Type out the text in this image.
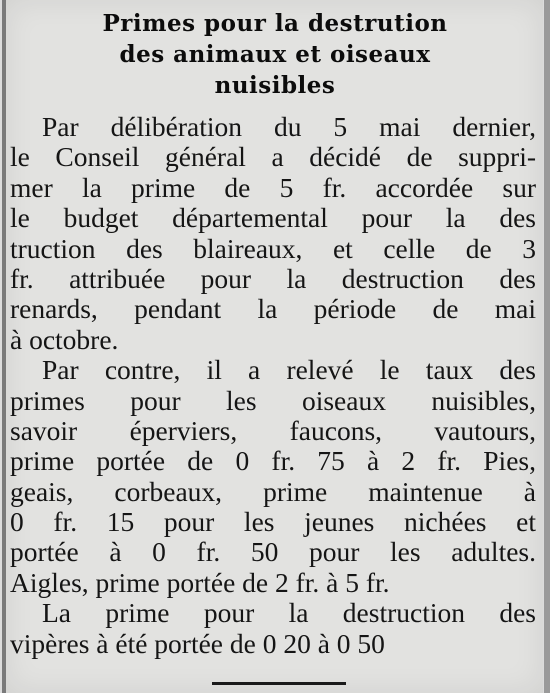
Primes pour la destrution
des animaux et oiseaux
nuisibles
Par délibération du 5 mai dernier,
le Conseil général a décidé de suppri-
mer la prime de 5 fr. accordée sur
le budget départemental pour la des
truction des blaireaux, et celle de 3
fr. attribuée pour la destruction des
renards, pendant la période de mai
à octobre.
Par contre, il a relevé le taux des
primes pour les oiseaux nuisibles,
savoir éperviers, faucons, vautours,
prime portée de 0 fr. 75 à 2 fr. Pies,
geais, corbeaux, prime maintenue à
0 fr. 15 pour les jeunes nichées et
portée à 0 fr. 50 pour les adultes.
Aigles, prime portée de 2 fr. à 5 fr.
La prime pour la destruction des
vipères à été portée de 0 20 à 0 50
